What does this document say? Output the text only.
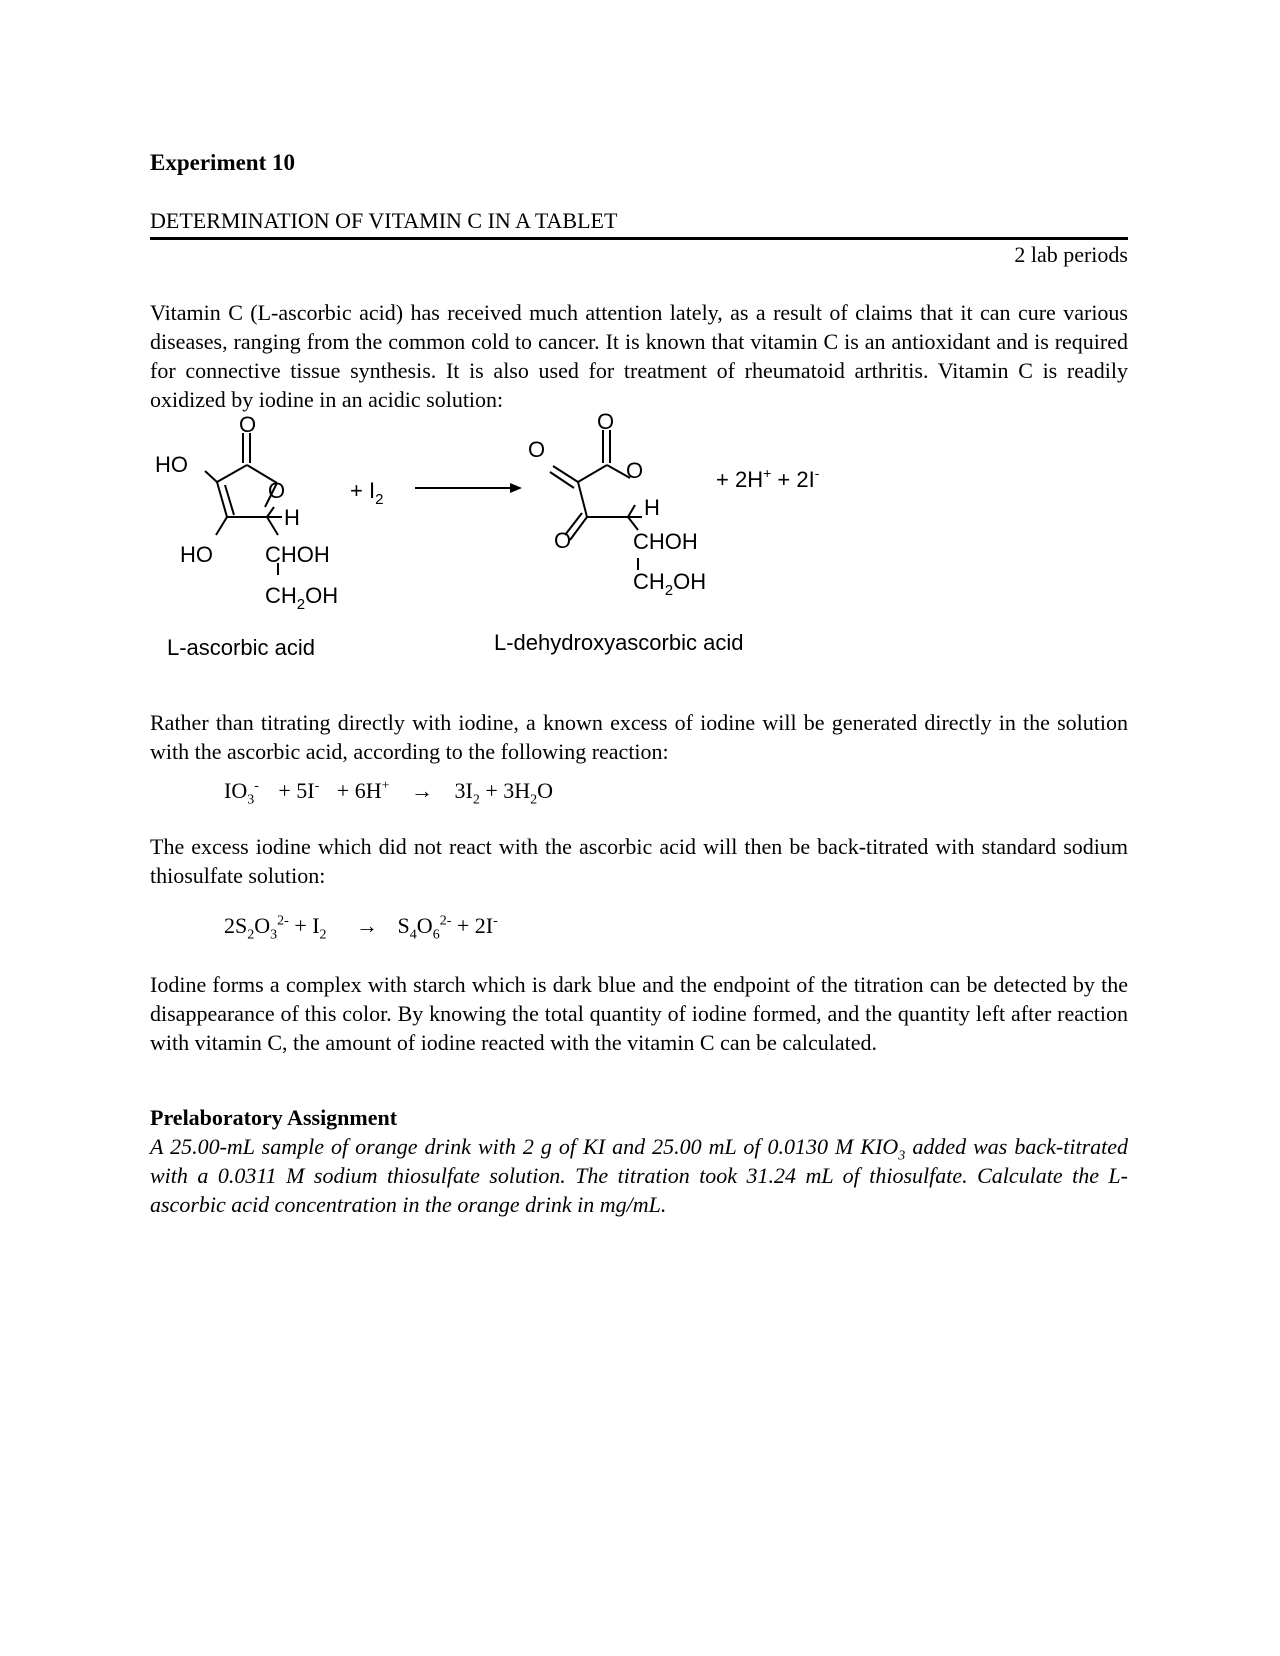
Experiment 10
DETERMINATION OF VITAMIN C IN A TABLET
2 lab periods

Vitamin C (L-ascorbic acid) has received much attention lately, as a result of claims that it can cure various diseases, ranging from the common cold to cancer. It is known that vitamin C is an antioxidant and is required for connective tissue synthesis. It is also used for treatment of rheumatoid arthritis. Vitamin C is readily oxidized by iodine in an acidic solution:

O
O
HO
HO
H
CHOH
$CH_2OH$
L-ascorbic acid
+ $I_2$
O
O
O
O
H
CHOH
$CH_2OH$
L-dehydroxyascorbic acid
+ 2H+ + 2I-

Rather than titrating directly with iodine, a known excess of iodine will be generated directly in the solution with the ascorbic acid, according to the following reaction:

$IO_3^- + 5I^- + 6H^+ \to 3I_2 + 3H_2O$

The excess iodine which did not react with the ascorbic acid will then be back-titrated with standard sodium thiosulfate solution:

$2S_2O_3^{2-} + I_2 \to S_4O_6^{2-} + 2I^-$

Iodine forms a complex with starch which is dark blue and the endpoint of the titration can be detected by the disappearance of this color. By knowing the total quantity of iodine formed, and the quantity left after reaction with vitamin C, the amount of iodine reacted with the vitamin C can be calculated.

Prelaboratory Assignment

A 25.00-mL sample of orange drink with 2 g of KI and 25.00 mL of 0.0130 M $KIO_3$ added was back-titrated with a 0.0311 M sodium thiosulfate solution. The titration took 31.24 mL of thiosulfate. Calculate the L-ascorbic acid concentration in the orange drink in mg/mL.
